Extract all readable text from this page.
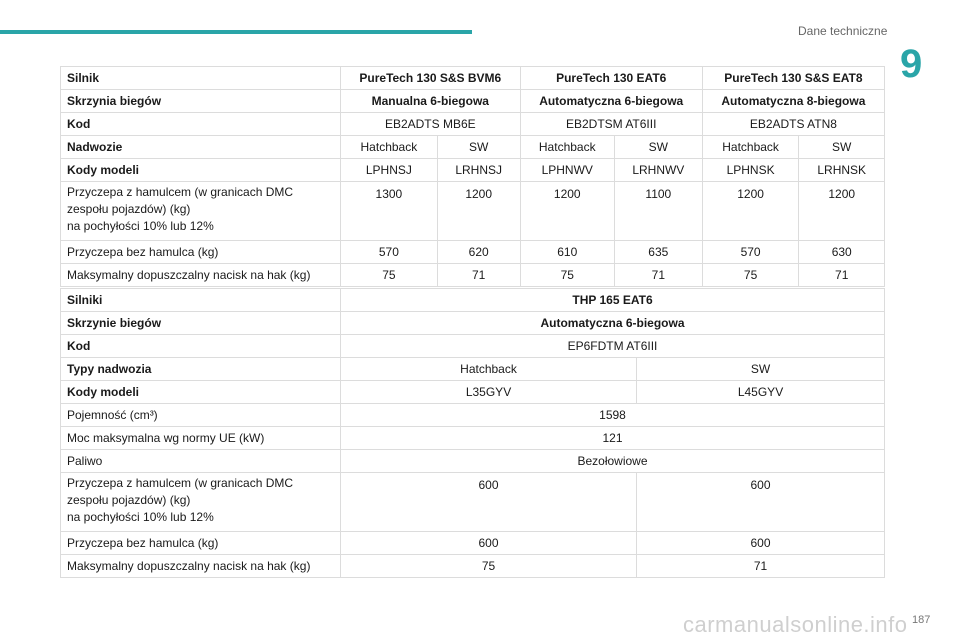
Dane techniczne
9
Silnik	PureTech 130 S&S BVM6		PureTech 130 EAT6		PureTech 130 S&S EAT8	
Skrzynia biegów	Manualna 6-biegowa		Automatyczna 6-biegowa		Automatyczna 8-biegowa	
Kod	EB2ADTS MB6E		EB2DTSM AT6III		EB2ADTS ATN8	
Nadwozie	Hatchback	SW	Hatchback	SW	Hatchback	SW
Kody modeli	LPHNSJ	LRHNSJ	LPHNWV	LRHNWV	LPHNSK	LRHNSK
Przyczepa z hamulcem (w granicach DMC
zespołu pojazdów) (kg)
na pochyłości 10% lub 12%	1300	1200	1200	1100	1200	1200
Przyczepa bez hamulca (kg)	570	620	610	635	570	630
Maksymalny dopuszczalny nacisk na hak (kg)	75	71	75	71	75	71
Silniki	THP 165 EAT6	
Skrzynie biegów	Automatyczna 6-biegowa	
Kod	EP6FDTM AT6III	
Typy nadwozia	Hatchback	SW
Kody modeli	L35GYV	L45GYV
Pojemność (cm³)	1598	
Moc maksymalna wg normy UE (kW)	121	
Paliwo	Bezołowiowe	
Przyczepa z hamulcem (w granicach DMC
zespołu pojazdów) (kg)
na pochyłości 10% lub 12%	600	600
Przyczepa bez hamulca (kg)	600	600
Maksymalny dopuszczalny nacisk na hak (kg)	75	71
187
carmanualsonline.info
